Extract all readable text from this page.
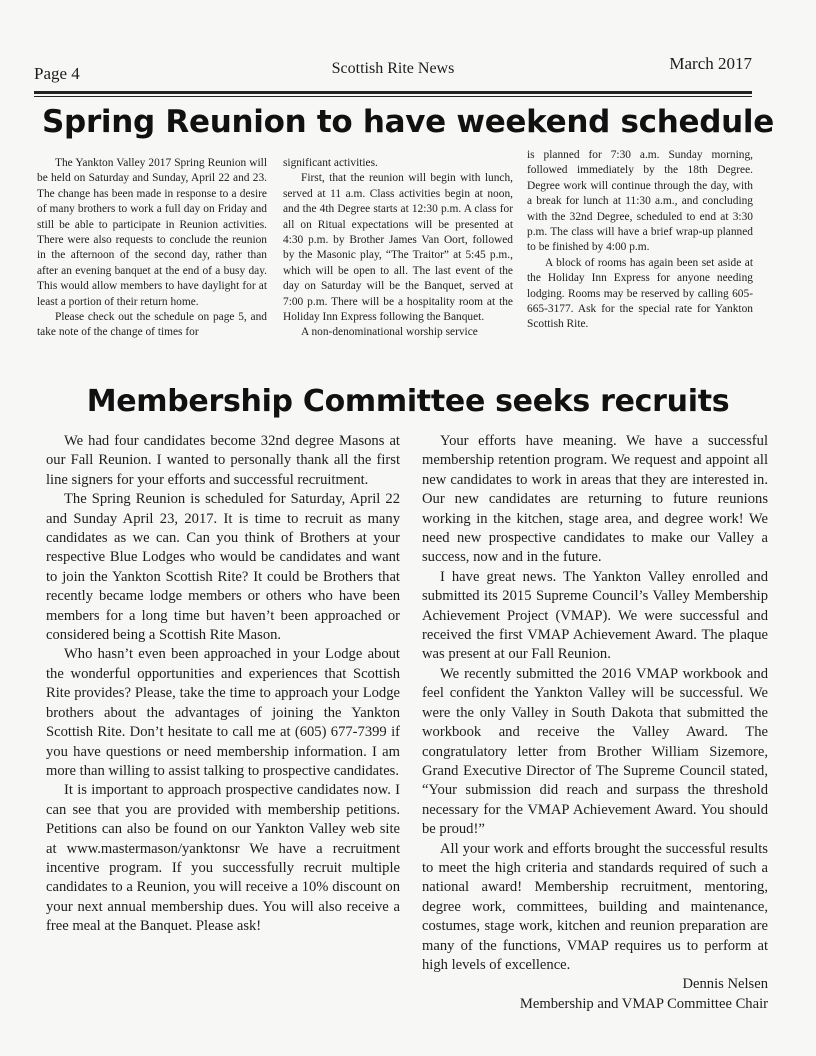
Page 4	Scottish Rite News	March 2017
Spring Reunion to have weekend schedule

The Yankton Valley 2017 Spring Reunion will be held on Saturday and Sunday, April 22 and 23. The change has been made in response to a desire of many brothers to work a full day on Friday and still be able to participate in Reunion activities. There were also requests to conclude the reunion in the afternoon of the second day, rather than after an evening banquet at the end of a busy day. This would allow members to have daylight for at least a portion of their return home.

Please check out the schedule on page 5, and take note of the change of times for

significant activities.

First, that the reunion will begin with lunch, served at 11 a.m. Class activities begin at noon, and the 4th Degree starts at 12:30 p.m. A class for all on Ritual expectations will be presented at 4:30 p.m. by Brother James Van Oort, followed by the Masonic play, “The Traitor” at 5:45 p.m., which will be open to all. The last event of the day on Saturday will be the Banquet, served at 7:00 p.m. There will be a hospitality room at the Holiday Inn Express following the Banquet.

A non-denominational worship service

is planned for 7:30 a.m. Sunday morning, followed immediately by the 18th Degree. Degree work will continue through the day, with a break for lunch at 11:30 a.m., and concluding with the 32nd Degree, scheduled to end at 3:30 p.m. The class will have a brief wrap-up planned to be finished by 4:00 p.m.

A block of rooms has again been set aside at the Holiday Inn Express for anyone needing lodging. Rooms may be reserved by calling 605-665-3177. Ask for the special rate for Yankton Scottish Rite.

Membership Committee seeks recruits

We had four candidates become 32nd degree Masons at our Fall Reunion. I wanted to personally thank all the first line signers for your efforts and successful recruitment.

The Spring Reunion is scheduled for Saturday, April 22 and Sunday April 23, 2017. It is time to recruit as many candidates as we can. Can you think of Brothers at your respective Blue Lodges who would be candidates and want to join the Yankton Scottish Rite? It could be Brothers that recently became lodge members or others who have been members for a long time but haven’t been approached or considered being a Scottish Rite Mason.

Who hasn’t even been approached in your Lodge about the wonderful opportunities and experiences that Scottish Rite provides? Please, take the time to approach your Lodge brothers about the advantages of joining the Yankton Scottish Rite. Don’t hesitate to call me at (605) 677-7399 if you have questions or need membership information. I am more than willing to assist talking to prospective candidates.

It is important to approach prospective candidates now. I can see that you are provided with membership petitions. Petitions can also be found on our Yankton Valley web site at www.mastermason/yanktonsr We have a recruitment incentive program. If you successfully recruit multiple candidates to a Reunion, you will receive a 10% discount on your next annual membership dues. You will also receive a free meal at the Banquet. Please ask!

Your efforts have meaning. We have a successful membership retention program. We request and appoint all new candidates to work in areas that they are interested in. Our new candidates are returning to future reunions working in the kitchen, stage area, and degree work! We need new prospective candidates to make our Valley a success, now and in the future.

I have great news. The Yankton Valley enrolled and submitted its 2015 Supreme Council’s Valley Membership Achievement Project (VMAP). We were successful and received the first VMAP Achievement Award. The plaque was present at our Fall Reunion.

We recently submitted the 2016 VMAP workbook and feel confident the Yankton Valley will be successful. We were the only Valley in South Dakota that submitted the workbook and receive the Valley Award. The congratulatory letter from Brother William Sizemore, Grand Executive Director of The Supreme Council stated, “Your submission did reach and surpass the threshold necessary for the VMAP Achievement Award. You should be proud!”

All your work and efforts brought the successful results to meet the high criteria and standards required of such a national award! Membership recruitment, mentoring, degree work, committees, building and maintenance, costumes, stage work, kitchen and reunion preparation are many of the functions, VMAP requires us to perform at high levels of excellence.

Dennis Nelsen

Membership and VMAP Committee Chair
